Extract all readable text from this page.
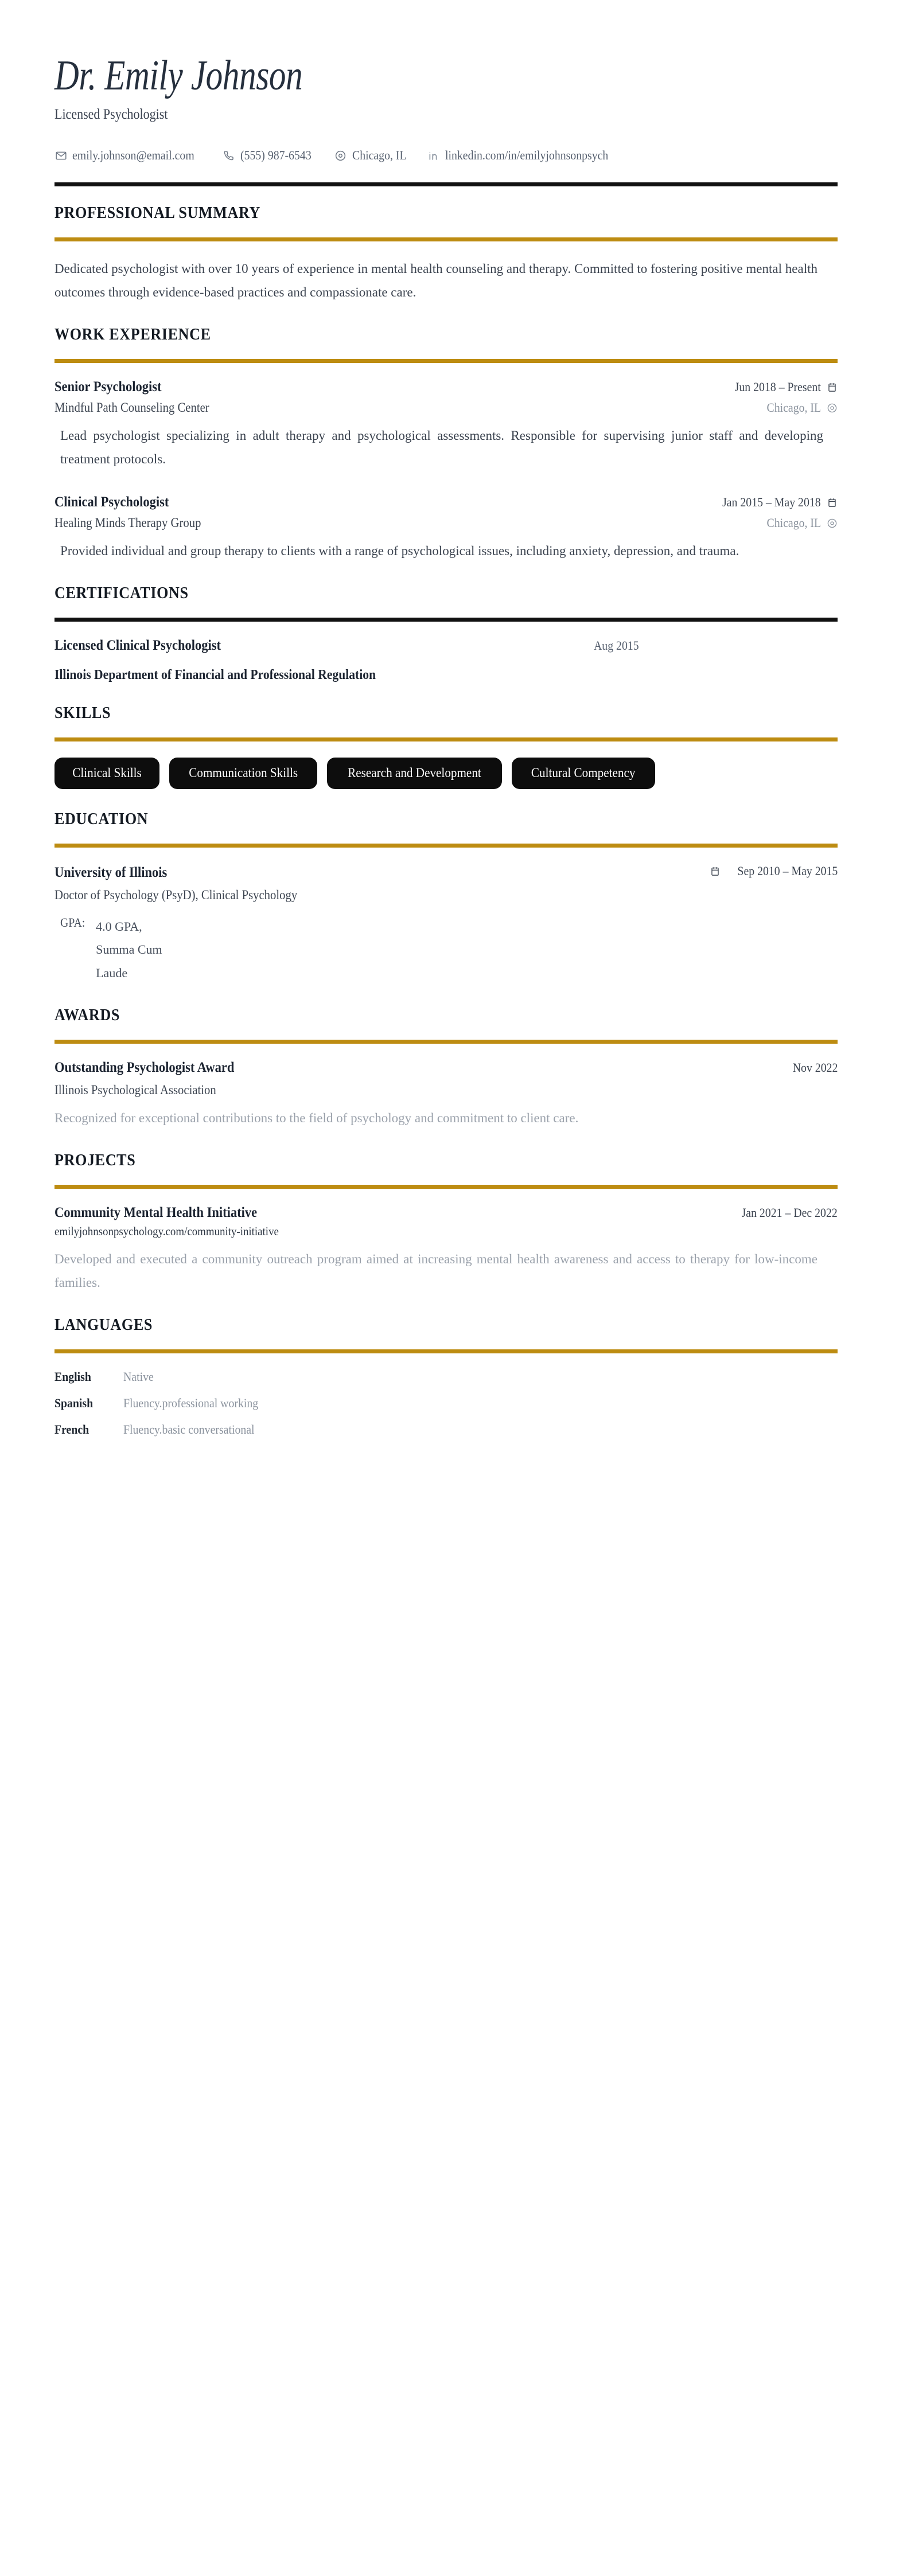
Dr. Emily Johnson
Licensed Psychologist
emily.johnson@email.com	(555) 987-6543	Chicago, IL	linkedin.com/in/emilyjohnsonpsych
PROFESSIONAL SUMMARY
Dedicated psychologist with over 10 years of experience in mental health counseling and therapy. Committed to fostering positive mental health outcomes through evidence-based practices and compassionate care.
WORK EXPERIENCE
Senior Psychologist	Jun 2018 – Present
Mindful Path Counseling Center	Chicago, IL
Lead psychologist specializing in adult therapy and psychological assessments. Responsible for supervising junior staff and developing treatment protocols.
Clinical Psychologist	Jan 2015 – May 2018
Healing Minds Therapy Group	Chicago, IL
Provided individual and group therapy to clients with a range of psychological issues, including anxiety, depression, and trauma.
CERTIFICATIONS
Licensed Clinical Psychologist	Aug 2015
Illinois Department of Financial and Professional Regulation
SKILLS
Clinical Skills	Communication Skills	Research and Development	Cultural Competency
EDUCATION
University of Illinois	Sep 2010 – May 2015
Doctor of Psychology (PsyD), Clinical Psychology
GPA: 4.0 GPA, Summa Cum Laude
AWARDS
Outstanding Psychologist Award	Nov 2022
Illinois Psychological Association
Recognized for exceptional contributions to the field of psychology and commitment to client care.
PROJECTS
Community Mental Health Initiative	Jan 2021 – Dec 2022
emilyjohnsonpsychology.com/community-initiative
Developed and executed a community outreach program aimed at increasing mental health awareness and access to therapy for low-income families.
LANGUAGES
English	Native
Spanish	Fluency.professional working
French	Fluency.basic conversational
